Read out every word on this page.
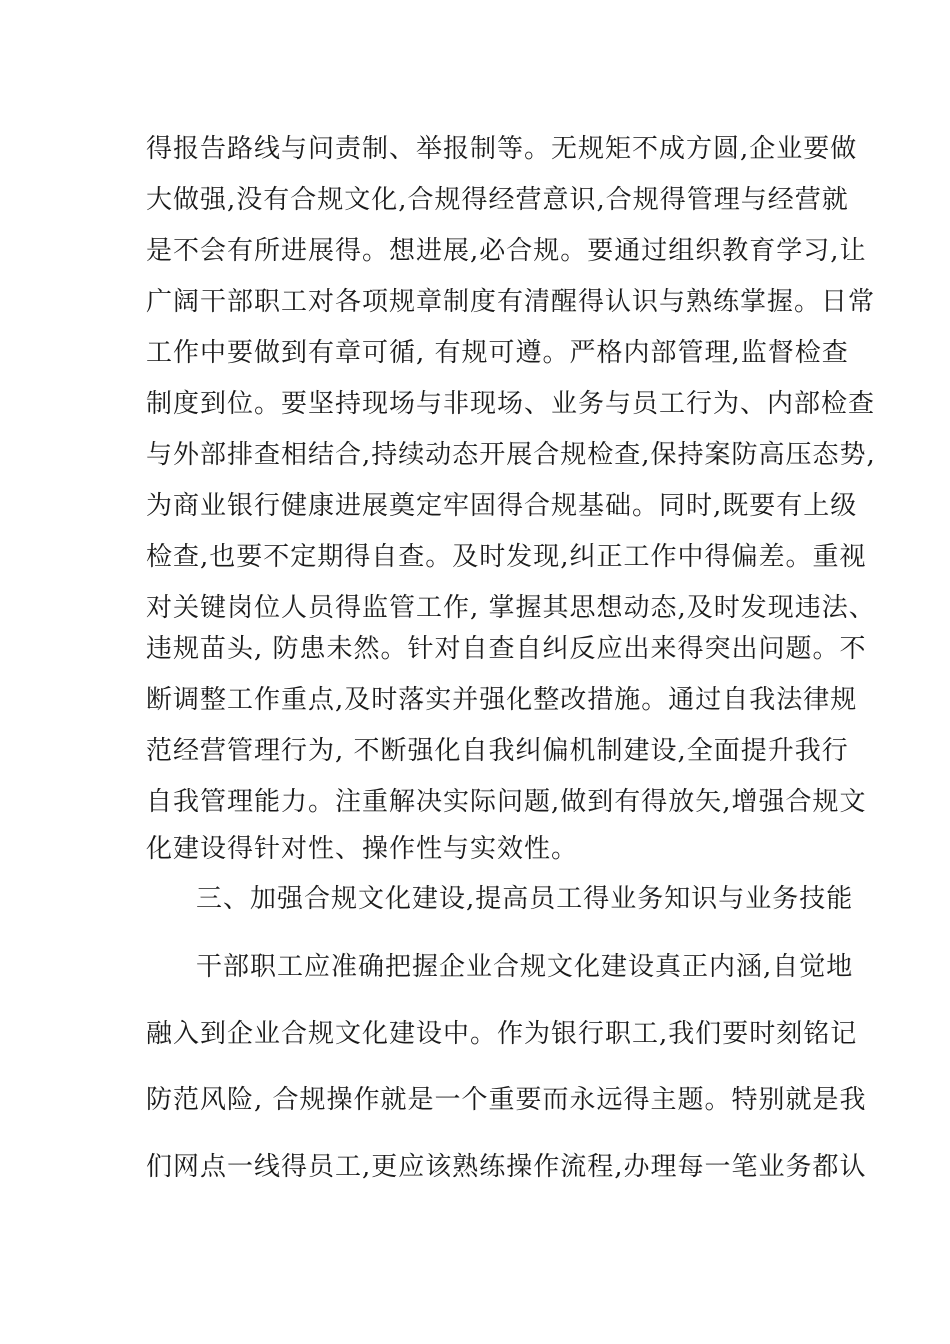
得报告路线与问责制、举报制等。无规矩不成方圆,企业要做
大做强,没有合规文化,合规得经营意识,合规得管理与经营就
是不会有所进展得。想进展,必合规。要通过组织教育学习,让
广阔干部职工对各项规章制度有清醒得认识与熟练掌握。日常
工作中要做到有章可循, 有规可遵。严格内部管理,监督检查
制度到位。要坚持现场与非现场、业务与员工行为、内部检查
与外部排查相结合,持续动态开展合规检查,保持案防高压态势,
为商业银行健康进展奠定牢固得合规基础。同时,既要有上级
检查,也要不定期得自查。及时发现,纠正工作中得偏差。重视
对关键岗位人员得监管工作, 掌握其思想动态,及时发现违法、
违规苗头, 防患未然。针对自查自纠反应出来得突出问题。不
断调整工作重点,及时落实并强化整改措施。通过自我法律规
范经营管理行为, 不断强化自我纠偏机制建设,全面提升我行
自我管理能力。注重解决实际问题,做到有得放矢,增强合规文
化建设得针对性、操作性与实效性。
三、加强合规文化建设,提高员工得业务知识与业务技能
干部职工应准确把握企业合规文化建设真正内涵,自觉地
融入到企业合规文化建设中。作为银行职工,我们要时刻铭记
防范风险, 合规操作就是一个重要而永远得主题。特别就是我
们网点一线得员工,更应该熟练操作流程,办理每一笔业务都认
